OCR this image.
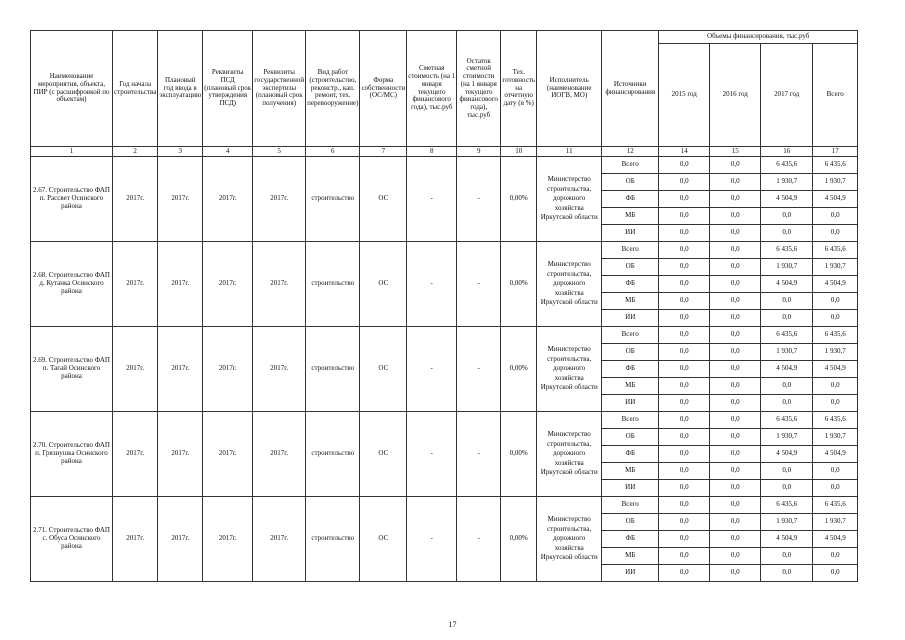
Наименование мероприятия, объекта, ПИР (с расшифровкой по объектам)	Год начала строительства	Плановый год ввода в эксплуатацию	Реквизиты ПСД (плановый срок утверждения ПСД)	Реквизиты государственной экспертизы (плановый срок получения)	Вид работ (строительство, реконстр., кап. ремонт, тех. перевооружение)	Форма собственности (ОС/МС)	Сметная стоимость (на 1 января текущего финансового года), тыс.руб	Остаток сметной стоимости (на 1 января текущего финансового года), тыс.руб	Тех. готовность на отчетную дату (в %)	Исполнитель (наименование ИОГВ, МО)	Источники финансирования	Объемы финансирования, тыс.руб			
												2015 год	2016 год	2017 год	Всего
1	2	3	4	5	6	7	8	9	10	11	12	14	15	16	17
2.67. Строительство ФАП п. Рассвет Осинского района	2017г.	2017г.	2017г.	2017г.	строительство	ОС	-	-	0,00%	Министерство строительства, дорожного хозяйства Иркутской области	Всего	0,0	0,0	6 435,6	6 435,6
											ОБ	0,0	0,0	1 930,7	1 930,7
											ФБ	0,0	0,0	4 504,9	4 504,9
											МБ	0,0	0,0	0,0	0,0
											ИИ	0,0	0,0	0,0	0,0
2.68. Строительство ФАП д. Кутанка Осинского района	2017г.	2017г.	2017г.	2017г.	строительство	ОС	-	-	0,00%	Министерство строительства, дорожного хозяйства Иркутской области	Всего	0,0	0,0	6 435,6	6 435,6
											ОБ	0,0	0,0	1 930,7	1 930,7
											ФБ	0,0	0,0	4 504,9	4 504,9
											МБ	0,0	0,0	0,0	0,0
											ИИ	0,0	0,0	0,0	0,0
2.69. Строительство ФАП п. Тагай Осинского района	2017г.	2017г.	2017г.	2017г.	строительство	ОС	-	-	0,00%	Министерство строительства, дорожного хозяйства Иркутской области	Всего	0,0	0,0	6 435,6	6 435,6
											ОБ	0,0	0,0	1 930,7	1 930,7
											ФБ	0,0	0,0	4 504,9	4 504,9
											МБ	0,0	0,0	0,0	0,0
											ИИ	0,0	0,0	0,0	0,0
2.70. Строительство ФАП п. Грязнушка Осинского района	2017г.	2017г.	2017г.	2017г.	строительство	ОС	-	-	0,00%	Министерство строительства, дорожного хозяйства Иркутской области	Всего	0,0	0,0	6 435,6	6 435,6
											ОБ	0,0	0,0	1 930,7	1 930,7
											ФБ	0,0	0,0	4 504,9	4 504,9
											МБ	0,0	0,0	0,0	0,0
											ИИ	0,0	0,0	0,0	0,0
2.71. Строительство ФАП с. Обуса Осинского района	2017г.	2017г.	2017г.	2017г.	строительство	ОС	-	-	0,00%	Министерство строительства, дорожного хозяйства Иркутской области	Всего	0,0	0,0	6 435,6	6 435,6
											ОБ	0,0	0,0	1 930,7	1 930,7
											ФБ	0,0	0,0	4 504,9	4 504,9
											МБ	0,0	0,0	0,0	0,0
											ИИ	0,0	0,0	0,0	0,0
17
